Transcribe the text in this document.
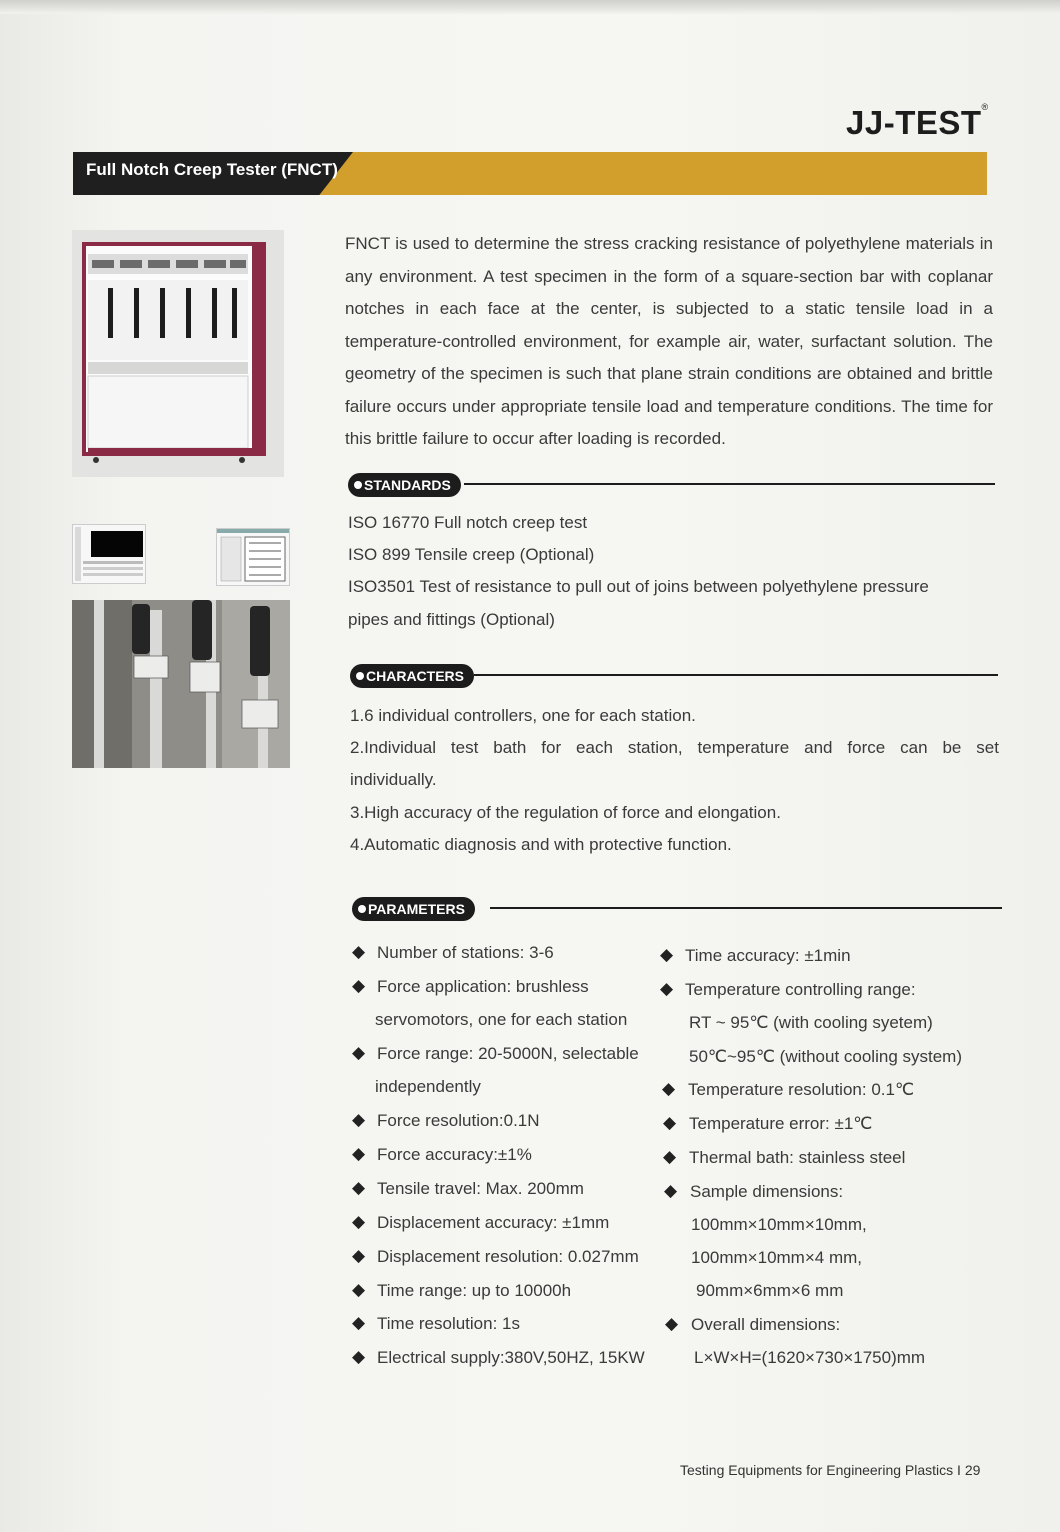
JJ-TEST®
Full Notch Creep Tester (FNCT)
FNCT is used to determine the stress cracking resistance of polyethylene materials in any environment. A test specimen in the form of a square-section bar with coplanar notches in each face at the center, is subjected to a static tensile load in a temperature-controlled environment, for example air, water, surfactant solution. The geometry of the specimen is such that plane strain conditions are obtained and brittle failure occurs under appropriate tensile load and temperature conditions. The time for this brittle failure to occur after loading is recorded.
STANDARDS
ISO 16770 Full notch creep test
ISO 899 Tensile creep (Optional)
ISO3501 Test of resistance to pull out of joins between polyethylene pressure
pipes and fittings (Optional)
CHARACTERS
1.6 individual controllers, one for each station.
2.Individual test bath for each station, temperature and force can be set
individually.
3.High accuracy of the regulation of force and elongation.
4.Automatic diagnosis and with protective function.
PARAMETERS
◆ Number of stations: 3-6
◆ Force application: brushless
servomotors, one for each station
◆ Force range: 20-5000N, selectable
independently
◆ Force resolution:0.1N
◆ Force accuracy:±1%
◆ Tensile travel: Max. 200mm
◆ Displacement accuracy: ±1mm
◆ Displacement resolution: 0.027mm
◆ Time range: up to 10000h
◆ Time resolution: 1s
◆ Electrical supply:380V,50HZ, 15KW
◆ Time accuracy: ±1min
◆ Temperature controlling range:
RT ~ 95℃ (with cooling syetem)
50℃~95℃ (without cooling system)
◆ Temperature resolution: 0.1℃
◆ Temperature error: ±1℃
◆ Thermal bath: stainless steel
◆ Sample dimensions:
100mm×10mm×10mm,
100mm×10mm×4 mm,
90mm×6mm×6 mm
◆ Overall dimensions:
L×W×H=(1620×730×1750)mm
Testing Equipments for Engineering Plastics I 29
